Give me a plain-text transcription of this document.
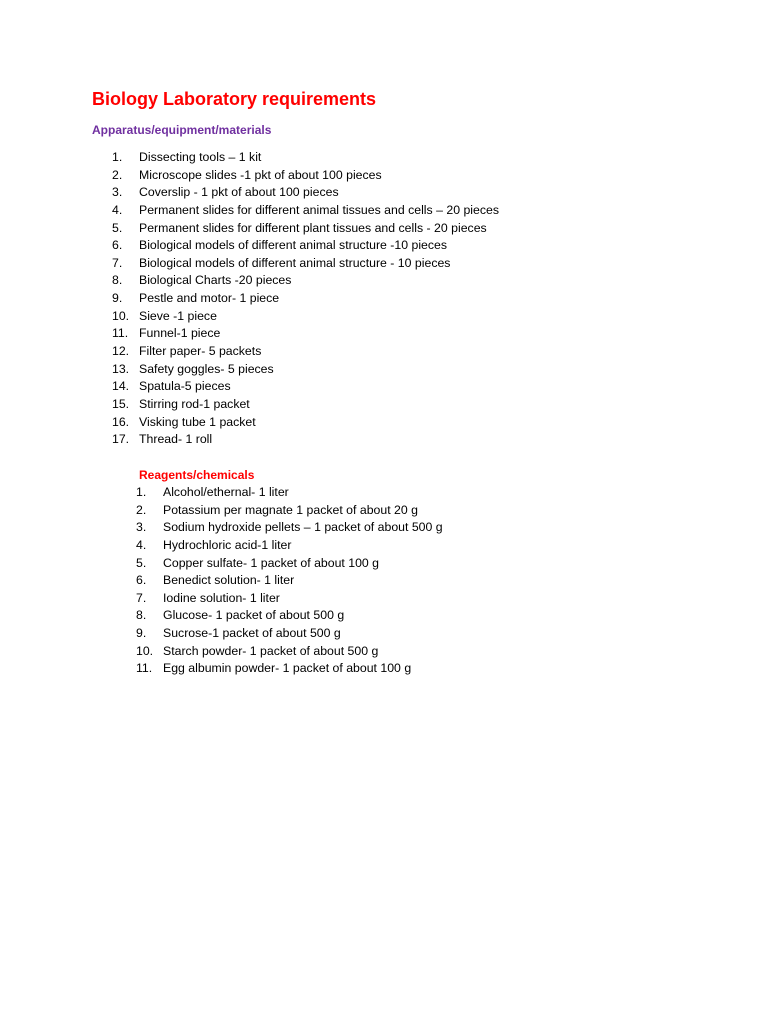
Biology Laboratory requirements
Apparatus/equipment/materials
1.	Dissecting tools – 1 kit
2.	Microscope slides -1 pkt of about 100 pieces
3.	Coverslip - 1 pkt of about 100 pieces
4.	Permanent slides for different animal tissues and cells – 20 pieces
5.	Permanent slides for different plant tissues and cells - 20 pieces
6.	Biological models of different animal structure -10 pieces
7.	Biological models of different animal structure - 10 pieces
8.	Biological Charts -20 pieces
9.	Pestle and motor- 1 piece
10. Sieve -1 piece
11. Funnel-1 piece
12. Filter paper- 5 packets
13. Safety goggles- 5 pieces
14. Spatula-5 pieces
15. Stirring rod-1 packet
16. Visking tube 1 packet
17. Thread- 1 roll
Reagents/chemicals
1.	Alcohol/ethernal- 1 liter
2.	Potassium per magnate 1 packet of about 20 g
3.	Sodium hydroxide pellets – 1 packet of about 500 g
4.	Hydrochloric acid-1 liter
5.	Copper sulfate- 1 packet of about 100 g
6.	Benedict solution- 1 liter
7.	Iodine solution- 1 liter
8.	Glucose- 1 packet of about 500 g
9.	Sucrose-1 packet of about 500 g
10. Starch powder- 1 packet of about 500 g
11. Egg albumin powder- 1 packet of about 100 g
